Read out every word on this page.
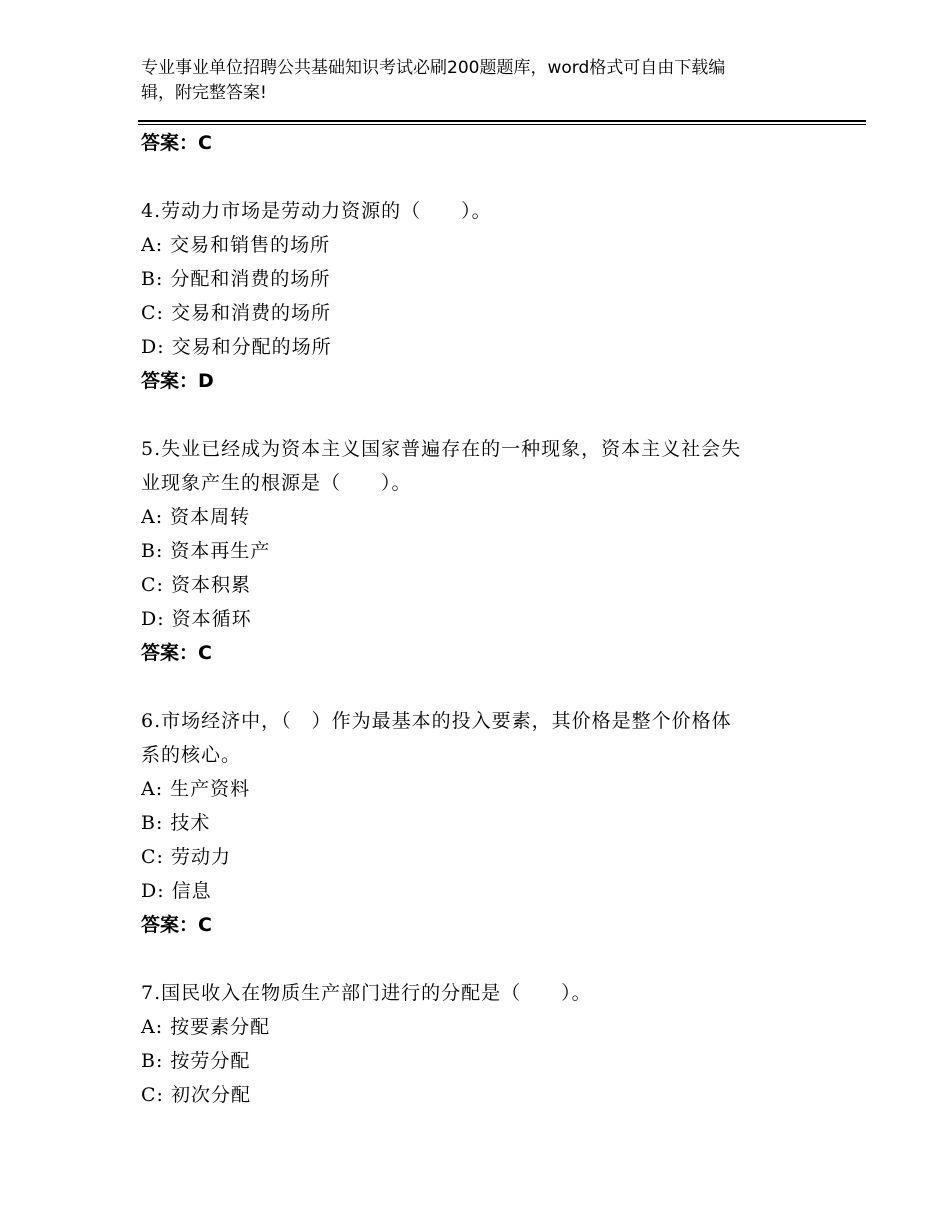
专业事业单位招聘公共基础知识考试必刷200题题库，word格式可自由下载编
辑，附完整答案!
答案：C
4.劳动力市场是劳动力资源的（　　）。
A: 交易和销售的场所
B: 分配和消费的场所
C: 交易和消费的场所
D: 交易和分配的场所
答案：D
5.失业已经成为资本主义国家普遍存在的一种现象，资本主义社会失
业现象产生的根源是（　　）。
A: 资本周转
B: 资本再生产
C: 资本积累
D: 资本循环
答案：C
6.市场经济中，（　）作为最基本的投入要素，其价格是整个价格体
系的核心。
A: 生产资料
B: 技术
C: 劳动力
D: 信息
答案：C
7.国民收入在物质生产部门进行的分配是（　　）。
A: 按要素分配
B: 按劳分配
C: 初次分配
